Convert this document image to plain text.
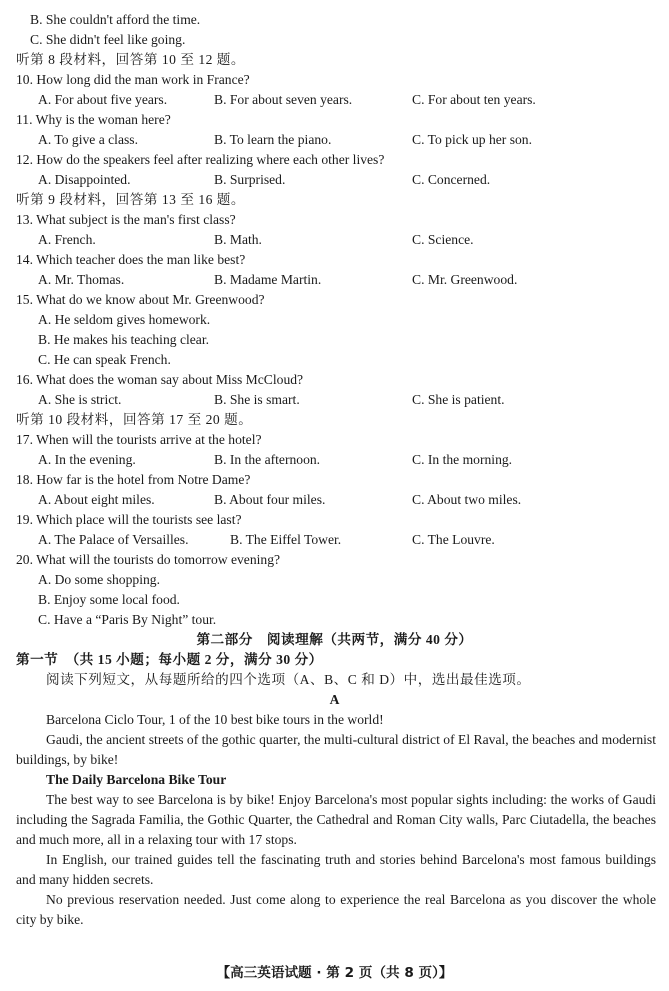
B. She couldn't afford the time.
C. She didn't feel like going.
听第 8 段材料，回答第 10 至 12 题。
10. How long did the man work in France?
A. For about five years.	B. For about seven years.	C. For about ten years.
11. Why is the woman here?
A. To give a class.	B. To learn the piano.	C. To pick up her son.
12. How do the speakers feel after realizing where each other lives?
A. Disappointed.	B. Surprised.	C. Concerned.
听第 9 段材料，回答第 13 至 16 题。
13. What subject is the man's first class?
A. French.	B. Math.	C. Science.
14. Which teacher does the man like best?
A. Mr. Thomas.	B. Madame Martin.	C. Mr. Greenwood.
15. What do we know about Mr. Greenwood?
A. He seldom gives homework.
B. He makes his teaching clear.
C. He can speak French.
16. What does the woman say about Miss McCloud?
A. She is strict.	B. She is smart.	C. She is patient.
听第 10 段材料，回答第 17 至 20 题。
17. When will the tourists arrive at the hotel?
A. In the evening.	B. In the afternoon.	C. In the morning.
18. How far is the hotel from Notre Dame?
A. About eight miles.	B. About four miles.	C. About two miles.
19. Which place will the tourists see last?
A. The Palace of Versailles.	B. The Eiffel Tower.	C. The Louvre.
20. What will the tourists do tomorrow evening?
A. Do some shopping.
B. Enjoy some local food.
C. Have a “Paris By Night” tour.
第二部分　阅读理解（共两节，满分 40 分）
第一节　（共 15 小题；每小题 2 分，满分 30 分）
阅读下列短文，从每题所给的四个选项（A、B、C 和 D）中，选出最佳选项。
A
Barcelona Ciclo Tour, 1 of the 10 best bike tours in the world!
Gaudi, the ancient streets of the gothic quarter, the multi-cultural district of El Raval, the beaches and modernist buildings, by bike!
The Daily Barcelona Bike Tour
The best way to see Barcelona is by bike! Enjoy Barcelona's most popular sights including: the works of Gaudi including the Sagrada Familia, the Gothic Quarter, the Cathedral and Roman City walls, Parc Ciutadella, the beaches and much more, all in a relaxing tour with 17 stops.
In English, our trained guides tell the fascinating truth and stories behind Barcelona's most famous buildings and many hidden secrets.
No previous reservation needed. Just come along to experience the real Barcelona as you discover the whole city by bike.
【高三英语试题 · 第 2 页（共 8 页）】
